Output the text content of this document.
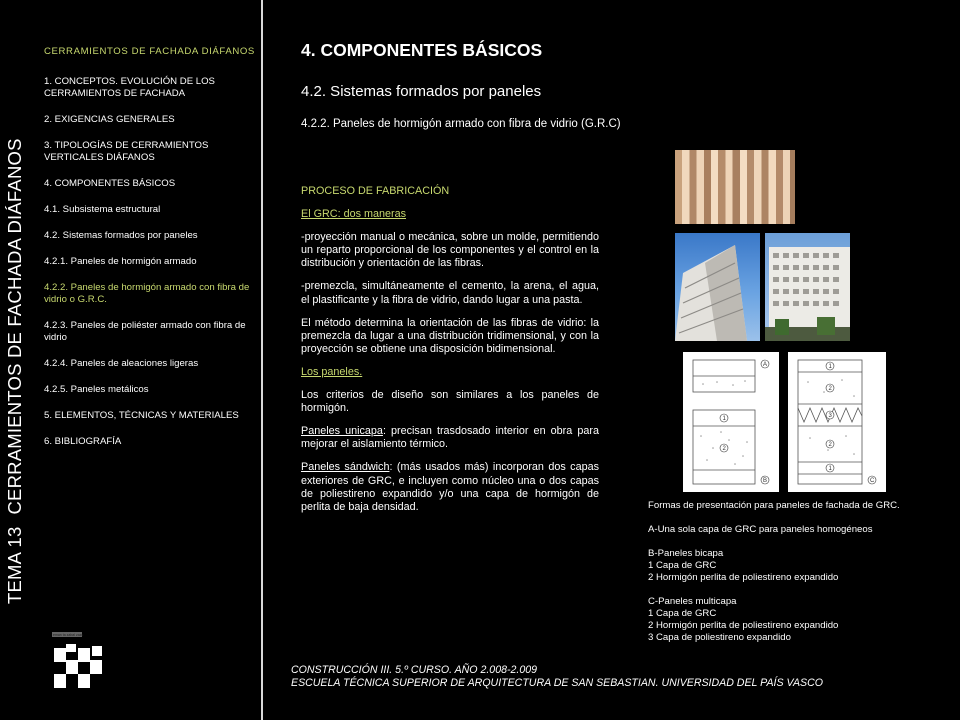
CERRAMIENTOS DE FACHADA DIÁFANOS
1. CONCEPTOS. EVOLUCIÓN DE LOS CERRAMIENTOS DE FACHADA
2. EXIGENCIAS GENERALES
3. TIPOLOGÍAS DE CERRAMIENTOS VERTICALES DIÁFANOS
4. COMPONENTES BÁSICOS
4.1. Subsistema estructural
4.2. Sistemas formados por paneles
4.2.1. Paneles de hormigón armado
4.2.2. Paneles de hormigón armado con fibra de vidrio o G.R.C.
4.2.3. Paneles de poliéster armado con fibra de vidrio
4.2.4. Paneles de aleaciones ligeras
4.2.5. Paneles metálicos
5. ELEMENTOS, TÉCNICAS Y MATERIALES
6. BIBLIOGRAFÍA
TEMA 13CERRAMIENTOS DE FACHADA DIÁFANOS
eman ta zabal zazu
4. COMPONENTES BÁSICOS
4.2. Sistemas formados por paneles
4.2.2. Paneles de hormigón armado con fibra de vidrio (G.R.C)

PROCESO DE FABRICACIÓN

El GRC: dos maneras

-proyección manual o mecánica, sobre un molde, permitiendo un reparto proporcional de los componentes y el control en la distribución y orientación de las fibras.

-premezcla, simultáneamente el cemento, la arena, el agua, el plastificante y la fibra de vidrio, dando lugar a una pasta.

El método determina la orientación de las fibras de vidrio: la premezcla da lugar a una distribución tridimensional, y con la proyección se obtiene una disposición bidimensional.

Los paneles.

Los criterios de diseño son similares a los paneles de hormigón.

Paneles unicapa: precisan trasdosado interior en obra para mejorar el aislamiento térmico.

Paneles sándwich: (más usados más) incorporan dos capas exteriores de GRC, e incluyen como núcleo una o dos capas de poliestireno expandido y/o una capa de hormigón de perlita de baja densidad.

A
1
2
B
1
2
3
2
1
C

Formas de presentación para paneles de fachada de GRC.

A-Una sola capa de GRC para paneles homogéneos

B-Paneles bicapa
1 Capa de GRC
2 Hormigón perlita de poliestireno expandido

C-Paneles multicapa
1 Capa de GRC
2 Hormigón perlita de poliestireno expandido
3 Capa de poliestireno expandido

CONSTRUCCIÓN III. 5.º CURSO. AÑO 2.008-2.009
ESCUELA TÉCNICA SUPERIOR DE ARQUITECTURA DE SAN SEBASTIAN. UNIVERSIDAD DEL PAÍS VASCO
